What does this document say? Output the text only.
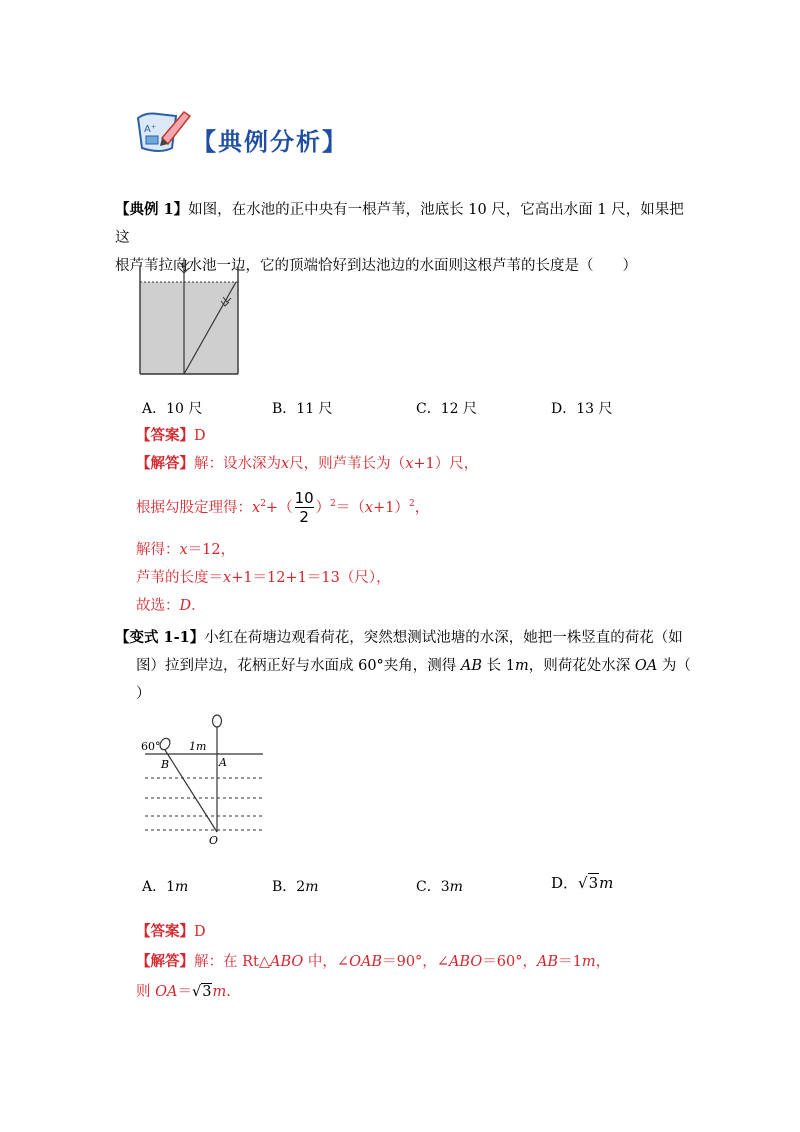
A⁺ 【典例分析】
【典例 1】如图，在水池的正中央有一根芦苇，池底长 10 尺，它高出水面 1 尺，如果把这
根芦苇拉向水池一边，它的顶端恰好到达池边的水面则这根芦苇的长度是（　　）
A．10 尺	B．11 尺	C．12 尺	D．13 尺
【答案】D
【解答】解：设水深为x尺，则芦苇长为（x+1）尺，
根据勾股定理得：$x^2+( \frac{10}{2} )^2=(x+1)^2$，
解得：x＝12，
芦苇的长度＝x+1＝12+1＝13（尺），
故选：D．
【变式 1-1】小红在荷塘边观看荷花，突然想测试池塘的水深，她把一株竖直的荷花（如
图）拉到岸边，花柄正好与水面成 60°夹角，测得 AB 长 1m，则荷花处水深 OA 为（
）
60°	1m
B	A
O
A．1m	B．2m	C．3m	D．√3m
【答案】D
【解答】解：在 Rt△ABO 中，∠OAB＝90°，∠ABO＝60°，AB＝1m，
则 OA＝√3m.
